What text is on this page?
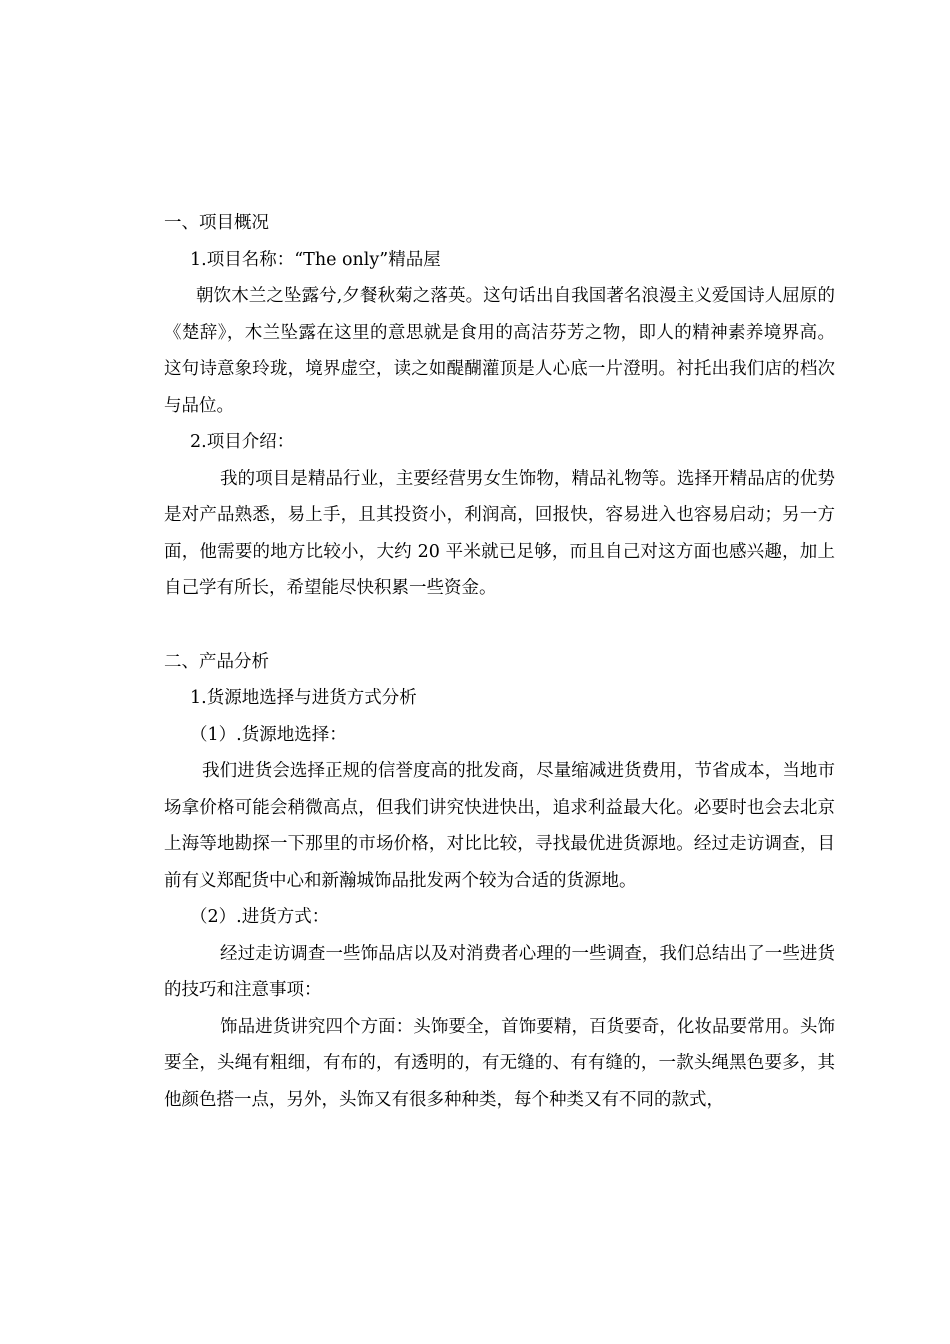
一、项目概况

1.项目名称：“The only”精品屋

朝饮木兰之坠露兮,夕餐秋菊之落英。这句话出自我国著名浪漫主义爱国诗人屈原的《楚辞》，木兰坠露在这里的意思就是食用的高洁芬芳之物，即人的精神素养境界高。这句诗意象玲珑，境界虚空，读之如醍醐灌顶是人心底一片澄明。衬托出我们店的档次与品位。

2.项目介绍：

我的项目是精品行业，主要经营男女生饰物，精品礼物等。选择开精品店的优势是对产品熟悉，易上手，且其投资小，利润高，回报快，容易进入也容易启动；另一方面，他需要的地方比较小，大约 20 平米就已足够，而且自己对这方面也感兴趣，加上自己学有所长，希望能尽快积累一些资金。

二、产品分析

1.货源地选择与进货方式分析

（1）.货源地选择：

我们进货会选择正规的信誉度高的批发商，尽量缩减进货费用，节省成本，当地市场拿价格可能会稍微高点，但我们讲究快进快出，追求利益最大化。必要时也会去北京上海等地勘探一下那里的市场价格，对比比较，寻找最优进货源地。经过走访调查，目前有义郑配货中心和新瀚城饰品批发两个较为合适的货源地。

（2）.进货方式：

经过走访调查一些饰品店以及对消费者心理的一些调查，我们总结出了一些进货的技巧和注意事项：

饰品进货讲究四个方面：头饰要全，首饰要精，百货要奇，化妆品要常用。头饰要全，头绳有粗细，有布的，有透明的，有无缝的、有有缝的，一款头绳黑色要多，其他颜色搭一点，另外，头饰又有很多种种类，每个种类又有不同的款式，
